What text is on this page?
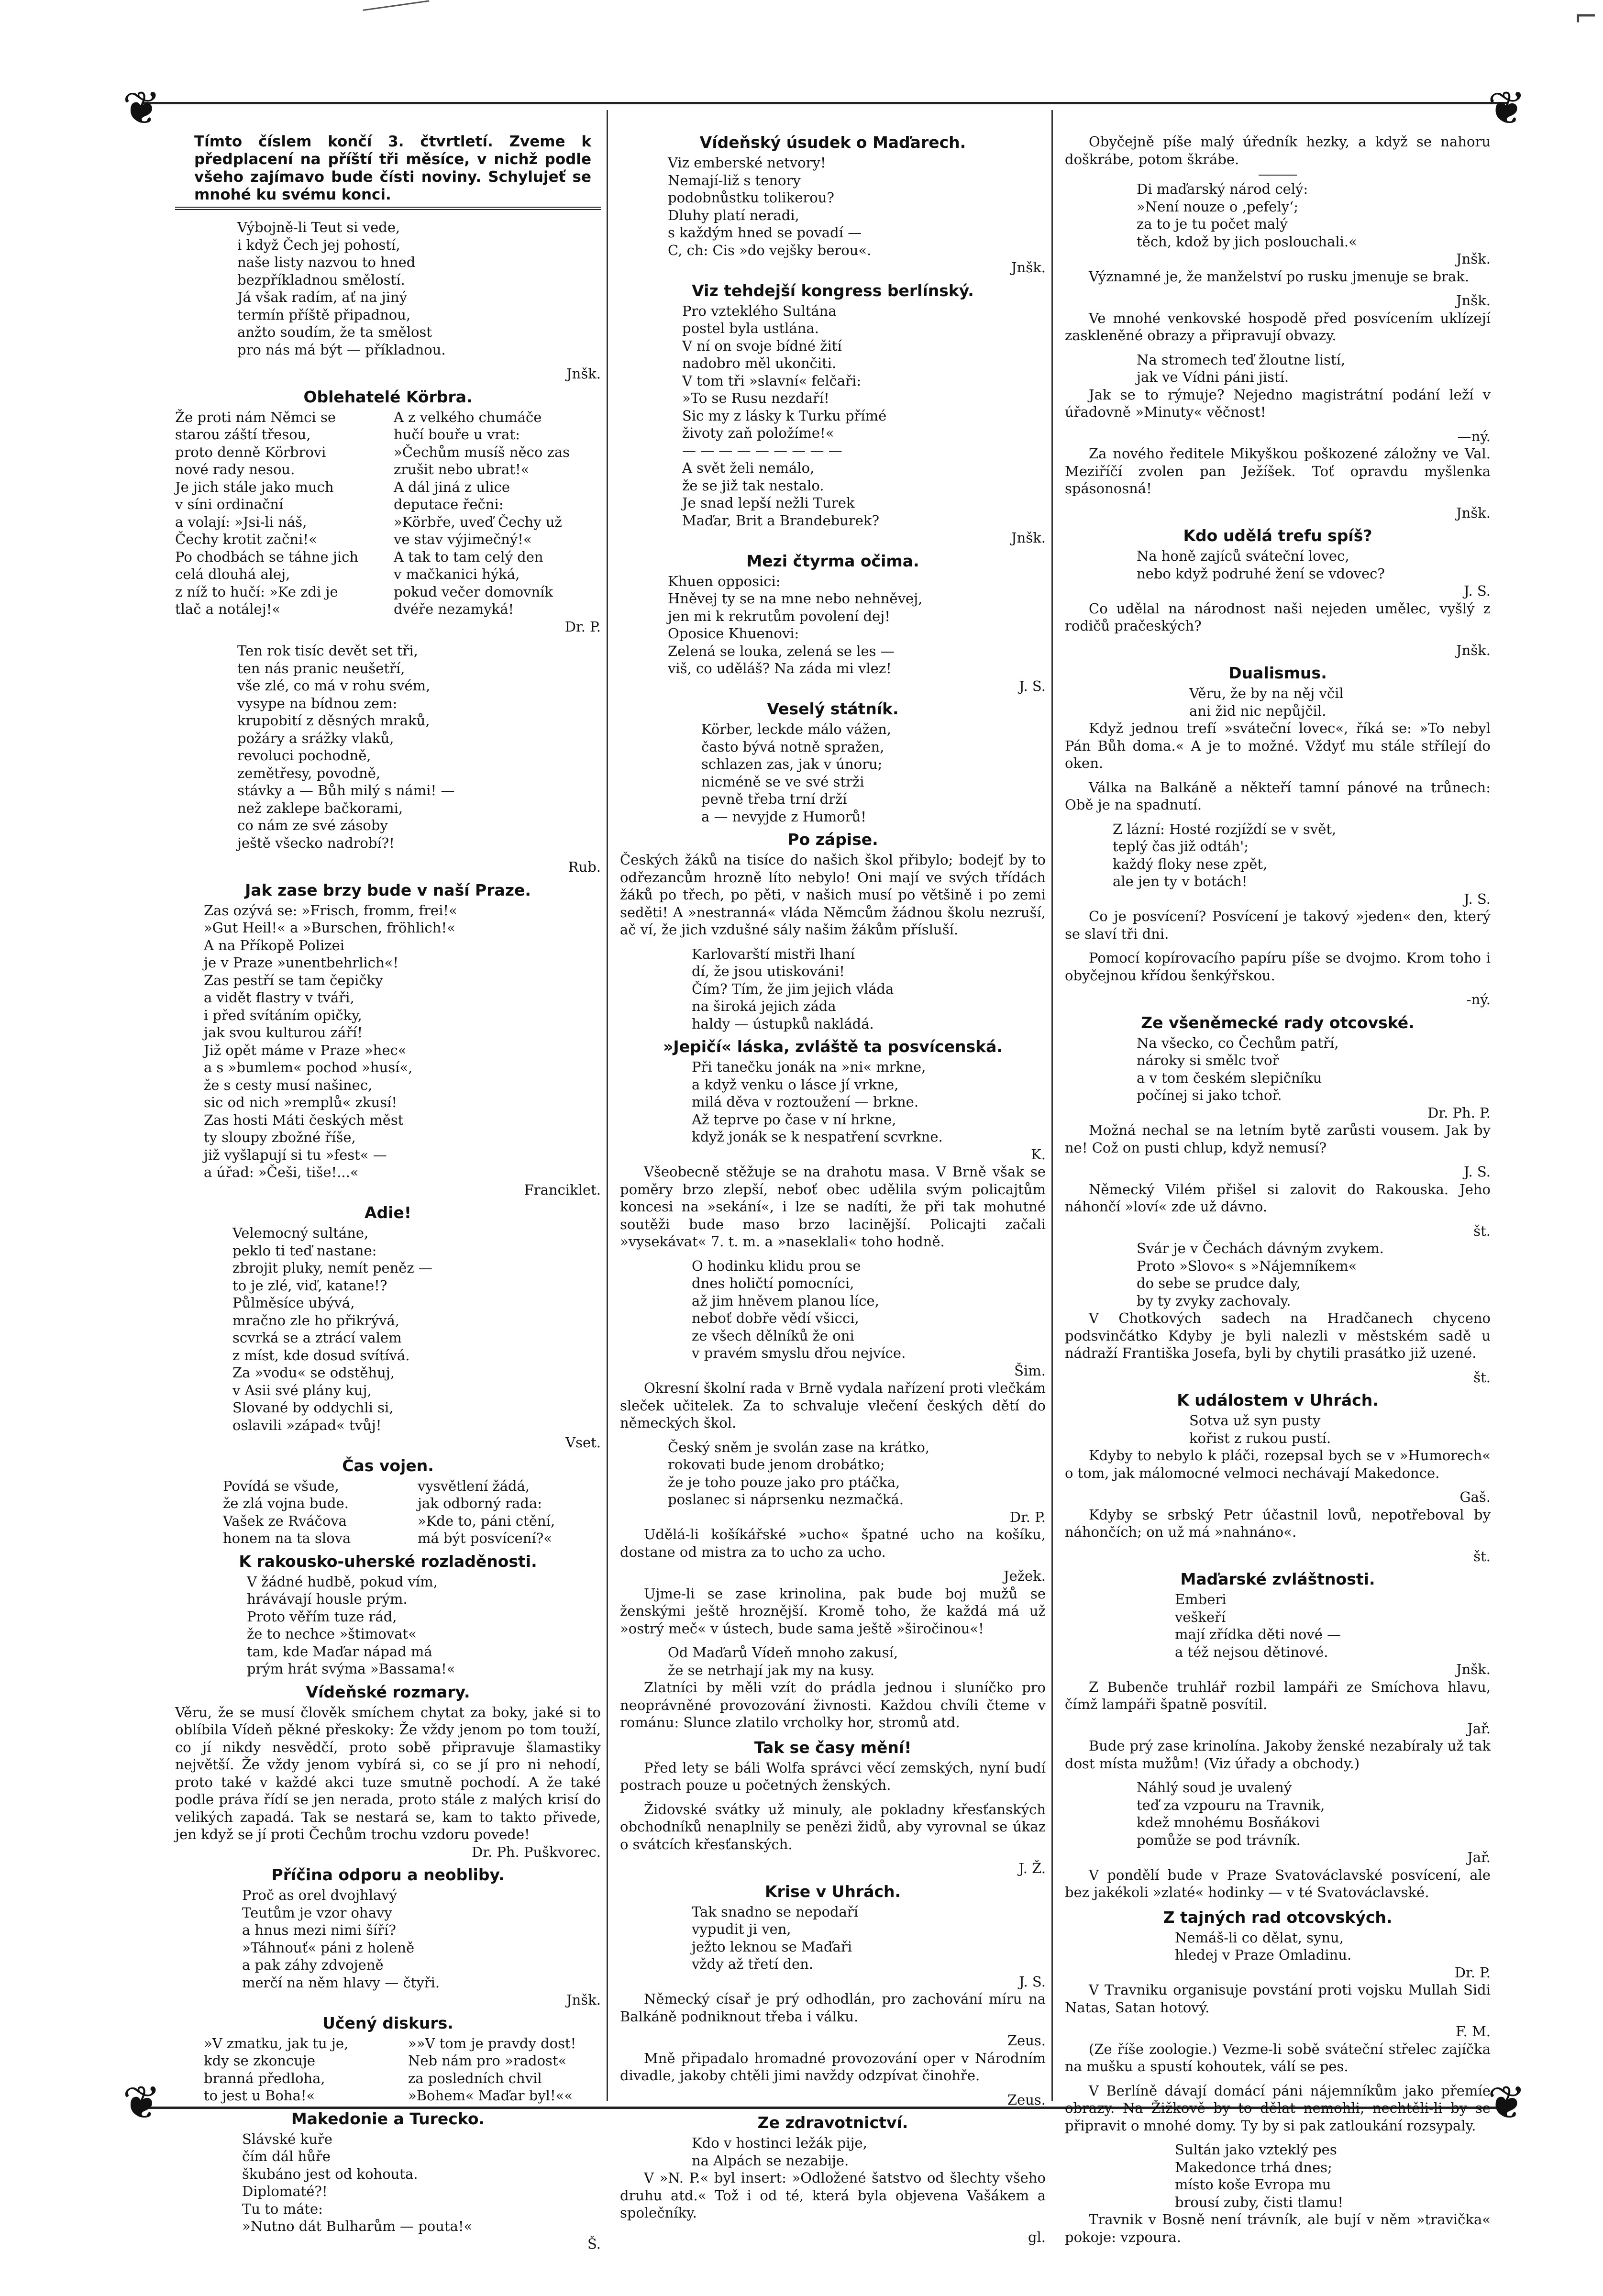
⌐
❦	❦
❦	❦
Tímto číslem končí 3. čtvrtletí. Zveme k předplacení na příští tři měsíce, v nichž podle všeho zajímavo bude čísti noviny. Schylujeť se mnohé ku svému konci.
Výbojně-li Teut si vede,
i když Čech jej pohostí,
naše listy nazvou to hned
bezpříkladnou smělostí.
Já však radím, ať na jiný
termín příště připadnou,
anžto soudím, že ta smělost
pro nás má být — příkladnou.
Jnšk.
Oblehatelé Körbra.
Že proti nám Němci se
starou záští třesou,
proto denně Körbrovi
nové rady nesou.
Je jich stále jako much
v síni ordinační
a volají: »Jsi-li náš,
Čechy krotit začni!«
Po chodbách se táhne jich
celá dlouhá alej,
z níž to hučí: »Ke zdi je
tlač a notálej!«
A z velkého chumáče
hučí bouře u vrat:
»Čechům musíš něco zas
zrušit nebo ubrat!«
A dál jiná z ulice
deputace řečni:
»Körbře, uveď Čechy už
ve stav výjimečný!«
A tak to tam celý den
v mačkanici hýká,
pokud večer domovník
dvéře nezamyká!
Dr. P.
Ten rok tisíc devět set tři,
ten nás pranic neušetří,
vše zlé, co má v rohu svém,
vysype na bídnou zem:
krupobití z děsných mraků,
požáry a srážky vlaků,
revoluci pochodně,
zemětřesy, povodně,
stávky a — Bůh milý s námi! —
než zaklepe bačkorami,
co nám ze své zásoby
ještě všecko nadrobí?!
Rub.
Jak zase brzy bude v naší Praze.
Zas ozývá se: »Frisch, fromm, frei!«
»Gut Heil!« a »Burschen, fröhlich!«
A na Příkopě Polizei
je v Praze »unentbehrlich«!
Zas pestří se tam čepičky
a vidět flastry v tváři,
i před svítáním opičky,
jak svou kulturou září!
Již opět máme v Praze »hec«
a s »bumlem« pochod »husí«,
že s cesty musí našinec,
sic od nich »remplů« zkusí!
Zas hosti Máti českých měst
ty sloupy zbožné říše,
již vyšlapují si tu »fest« —
a úřad: »Češi, tiše!...«
Franciklet.
Adie!
Velemocný sultáne,
peklo ti teď nastane:
zbrojit pluky, nemít peněz —
to je zlé, viď, katane!?
Půlměsíce ubývá,
mračno zle ho přikrývá,
scvrká se a ztrácí valem
z míst, kde dosud svítívá.
Za »vodu« se odstěhuj,
v Asii své plány kuj,
Slované by oddychli si,
oslavili »západ« tvůj!
Vset.
Čas vojen.
Povídá se všude,
že zlá vojna bude.
Vašek ze Rváčova
honem na ta slova
vysvětlení žádá,
jak odborný rada:
»Kde to, páni ctění,
má být posvícení?«
K rakousko-uherské rozladěnosti.
V žádné hudbě, pokud vím,
hrávávají housle prým.
Proto věřím tuze rád,
že to nechce »štimovat«
tam, kde Maďar nápad má
prým hrát svýma »Bassama!«
Vídeňské rozmary.
Věru, že se musí člověk smíchem chytat za boky, jaké si to oblíbila Vídeň pěkné přeskoky: Že vždy jenom po tom touží, co jí nikdy nesvědčí, proto sobě připravuje šlamastiky největší. Že vždy jenom vybírá si, co se jí pro ni nehodí, proto také v každé akci tuze smutně pochodí. A že také podle práva řídí se jen nerada, proto stále z malých krisí do velikých zapadá. Tak se nestará se, kam to takto přivede, jen když se jí proti Čechům trochu vzdoru povede!
Dr. Ph. Puškvorec.
Příčina odporu a neobliby.
Proč as orel dvojhlavý
Teutům je vzor ohavy
a hnus mezi nimi šíří?
»Táhnouť« páni z holeně
a pak záhy zdvojeně
merčí na něm hlavy — čtyři.
Jnšk.
Učený diskurs.
»V zmatku, jak tu je,
kdy se zkoncuje
branná předloha,
to jest u Boha!«
»»V tom je pravdy dost!
Neb nám pro »radost«
za posledních chvil
»Bohem« Maďar byl!««
Makedonie a Turecko.
Slávské kuře
čím dál hůře
škubáno jest od kohouta.
Diplomaté?!
Tu to máte:
»Nutno dát Bulharům — pouta!«
Š.
Vídeňský úsudek o Maďarech.
Viz emberské netvory!
Nemají-liž s tenory
podobnůstku tolikerou?
Dluhy platí neradi,
s každým hned se povadí —
C, ch: Cis »do vejšky berou«.
Jnšk.
Viz tehdejší kongress berlínský.
Pro vzteklého Sultána
postel byla ustlána.
V ní on svoje bídné žití
nadobro měl ukončiti.
V tom tři »slavní« felčaři:
»To se Rusu nezdaří!
Sic my z lásky k Turku přímé
životy zaň položíme!«
— — — — — — — — —
A svět želi nemálo,
že se již tak nestalo.
Je snad lepší nežli Turek
Maďar, Brit a Brandeburek?
Jnšk.
Mezi čtyrma očima.
Khuen opposici:
Hněvej ty se na mne nebo nehněvej,
jen mi k rekrutům povolení dej!
Oposice Khuenovi:
Zelená se louka, zelená se les —
viš, co uděláš? Na záda mi vlez!
J. S.
Veselý státník.
Körber, leckde málo vážen,
často bývá notně spražen,
schlazen zas, jak v únoru;
nicméně se ve své strži
pevně třeba trní drží
a — nevyjde z Humorů!
Po zápise.

Českých žáků na tisíce do našich škol přibylo; bodejť by to odřezancům hrozně líto nebylo! Oni mají ve svých třídách žáků po třech, po pěti, v našich musí po většině i po zemi seděti! A »nestranná« vláda Němcům žádnou školu nezruší, ač ví, že jich vzdušné sály našim žákům přísluší.

Karlovarští mistři lhaní
dí, že jsou utiskováni!
Čím? Tím, že jim jejich vláda
na široká jejich záda
haldy — ústupků nakládá.
»Jepičí« láska, zvláště ta posvícenská.
Při tanečku jonák na »ni« mrkne,
a když venku o lásce jí vrkne,
milá děva v roztoužení — brkne.
Až teprve po čase v ní hrkne,
když jonák se k nespatření scvrkne.
K.

Všeobecně stěžuje se na drahotu masa. V Brně však se poměry brzo zlepší, neboť obec udělila svým policajtům koncesi na »sekání«, i lze se nadíti, že při tak mohutné soutěži bude maso brzo lacinější. Policajti začali »vysekávat« 7. t. m. a »naseklali« toho hodně.

O hodinku klidu prou se
dnes holičtí pomocníci,
až jim hněvem planou líce,
neboť dobře vědí všicci,
ze všech dělníků že oni
v pravém smyslu dřou nejvíce.
Šim.

Okresní školní rada v Brně vydala nařízení proti vlečkám sleček učitelek. Za to schvaluje vlečení českých dětí do německých škol.

Český sněm je svolán zase na krátko,
rokovati bude jenom drobátko;
že je toho pouze jako pro ptáčka,
poslanec si náprsenku nezmačká.
Dr. P.

Udělá-li košíkářské »ucho« špatné ucho na košíku, dostane od mistra za to ucho za ucho.

Ježek.

Ujme-li se zase krinolina, pak bude boj mužů se ženskými ještě hroznější. Kromě toho, že každá má už »ostrý meč« v ústech, bude sama ještě »širočinou«!

Od Maďarů Vídeň mnoho zakusí,
že se netrhají jak my na kusy.

Zlatníci by měli vzít do prádla jednou i sluníčko pro neoprávněné provozování živnosti. Každou chvíli čteme v románu: Slunce zlatilo vrcholky hor, stromů atd.

Tak se časy mění!

Před lety se báli Wolfa správci věcí zemských, nyní budí postrach pouze u početných ženských.

Židovské svátky už minuly, ale pokladny křesťanských obchodníků nenaplnily se penězi židů, aby vyrovnal se úkaz o svátcích křesťanských.

J. Ž.
Krise v Uhrách.
Tak snadno se nepodaří
vypudit ji ven,
ježto leknou se Maďaři
vždy až třetí den.
J. S.

Německý císař je prý odhodlán, pro zachování míru na Balkáně podniknout třeba i válku.

Zeus.

Mně připadalo hromadné provozování oper v Národním divadle, jakoby chtěli jimi navždy odzpívat činohře.

Zeus.
Ze zdravotnictví.
Kdo v hostinci ležák pije,
na Alpách se nezabije.

V »N. P.« byl insert: »Odložené šatstvo od šlechty všeho druhu atd.« Tož i od té, která byla objevena Vašákem a společníky.

gl.

Obyčejně píše malý úředník hezky, a když se nahoru doškrábe, potom škrábe.

Di maďarský národ celý:
»Není nouze o ‚pefely‘;
za to je tu počet malý
těch, kdož by jich poslouchali.«
Jnšk.

Významné je, že manželství po rusku jmenuje se brak.

Jnšk.

Ve mnohé venkovské hospodě před posvícením uklízejí zaskleněné obrazy a připravují obvazy.

Na stromech teď žloutne listí,
jak ve Vídni páni jistí.

Jak se to rýmuje? Nejedno magistrátní podání leží v úřadovně »Minuty« věčnost!

—ný.

Za nového ředitele Mikyškou poškozené záložny ve Val. Meziříčí zvolen pan Ježíšek. Toť opravdu myšlenka spásonosná!

Jnšk.
Kdo udělá trefu spíš?
Na honě zajíců sváteční lovec,
nebo když podruhé žení se vdovec?
J. S.

Co udělal na národnost naši nejeden umělec, vyšlý z rodičů pračeských?

Jnšk.
Dualismus.
Věru, že by na něj včil
ani žid nic nepůjčil.

Když jednou trefí »sváteční lovec«, říká se: »To nebyl Pán Bůh doma.« A je to možné. Vždyť mu stále střílejí do oken.

Válka na Balkáně a někteří tamní pánové na trůnech: Obě je na spadnutí.

Z lázní: Hosté rozjíždí se v svět,
teplý čas již odtáh';
každý floky nese zpět,
ale jen ty v botách!
J. S.

Co je posvícení? Posvícení je takový »jeden« den, který se slaví tři dni.

Pomocí kopírovacího papíru píše se dvojmo. Krom toho i obyčejnou křídou šenkýřskou.

-ný.
Ze všeněmecké rady otcovské.
Na všecko, co Čechům patří,
nároky si smělc tvoř
a v tom českém slepičníku
počínej si jako tchoř.
Dr. Ph. P.

Možná nechal se na letním bytě zarůsti vousem. Jak by ne! Což on pusti chlup, když nemusí?

J. S.

Německý Vilém přišel si zalovit do Rakouska. Jeho náhončí »loví« zde už dávno.

št.
Svár je v Čechách dávným zvykem.
Proto »Slovo« s »Nájemníkem«
do sebe se prudce daly,
by ty zvyky zachovaly.

V Chotkových sadech na Hradčanech chyceno podsvinčátko Kdyby je byli nalezli v městském sadě u nádraží Františka Josefa, byli by chytili prasátko již uzené.

št.
K událostem v Uhrách.
Sotva už syn pusty
kořist z rukou pustí.

Kdyby to nebylo k pláči, rozepsal bych se v »Humorech« o tom, jak málomocné velmoci nechávají Makedonce.

Gaš.

Kdyby se srbský Petr účastnil lovů, nepotřeboval by náhončích; on už má »nahnáno«.

št.
Maďarské zvláštnosti.
Emberi
veškeří
mají zřídka děti nové —
a též nejsou dětinové.
Jnšk.

Z Bubenče truhlář rozbil lampáři ze Smíchova hlavu, čímž lampáři špatně posvítil.

Jař.

Bude prý zase krinolína. Jakoby ženské nezabíraly už tak dost místa mužům! (Viz úřady a obchody.)

Náhlý soud je uvalený
teď za vzpouru na Travnik,
kdež mnohému Bosňákovi
pomůže se pod trávník.
Jař.

V pondělí bude v Praze Svatováclavské posvícení, ale bez jakékoli »zlaté« hodinky — v té Svatováclavské.

Z tajných rad otcovských.
Nemáš-li co dělat, synu,
hledej v Praze Omladinu.
Dr. P.

V Travniku organisuje povstání proti vojsku Mullah Sidi Natas, Satan hotový.

F. M.

(Ze říše zoologie.) Vezme-li sobě sváteční střelec zajíčka na mušku a spustí kohoutek, válí se pes.

V Berlíně dávají domácí páni nájemníkům jako přemíe obrazy. Na Žižkově by to dělat nemohli, nechtěli-li by se připravit o mnohé domy. Ty by si pak zatloukání rozsypaly.

Sultán jako vzteklý pes
Makedonce trhá dnes;
místo koše Evropa mu
brousí zuby, čisti tlamu!

Travnik v Bosně není trávník, ale bují v něm »travička« pokoje: vzpoura.
